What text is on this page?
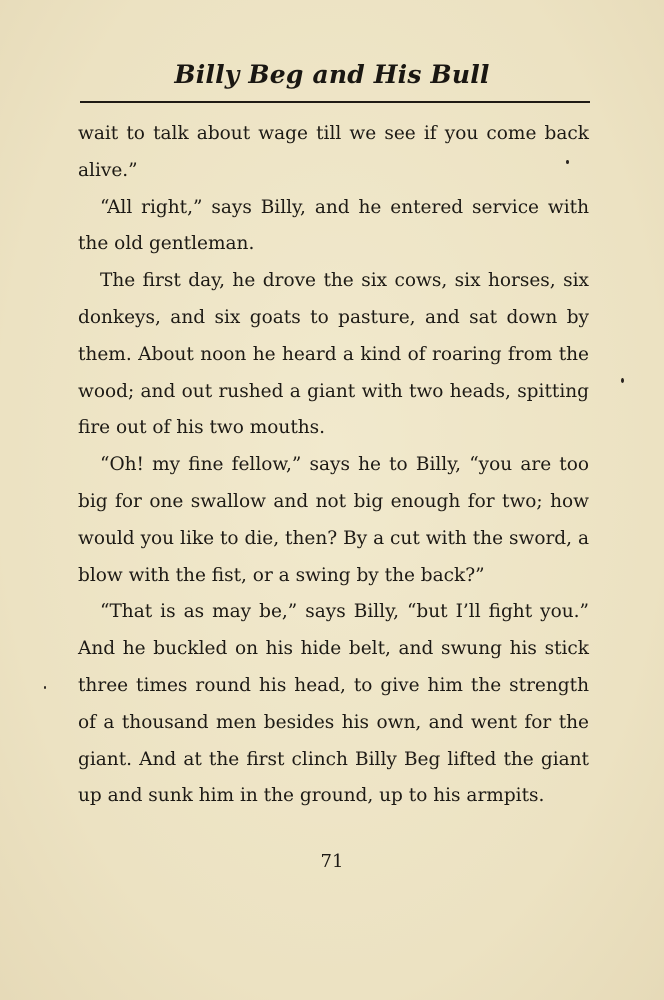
Billy Beg and His Bull

wait to talk about wage till we see if you come back alive.”

“All right,” says Billy, and he entered service with the old gentleman.

The first day, he drove the six cows, six horses, six donkeys, and six goats to pasture, and sat down by them. About noon he heard a kind of roaring from the wood; and out rushed a giant with two heads, spitting fire out of his two mouths.

“Oh! my fine fellow,” says he to Billy, “you are too big for one swallow and not big enough for two; how would you like to die, then? By a cut with the sword, a blow with the fist, or a swing by the back?”

“That is as may be,” says Billy, “but I’ll fight you.” And he buckled on his hide belt, and swung his stick three times round his head, to give him the strength of a thousand men besides his own, and went for the giant. And at the first clinch Billy Beg lifted the giant up and sunk him in the ground, up to his armpits.

71
